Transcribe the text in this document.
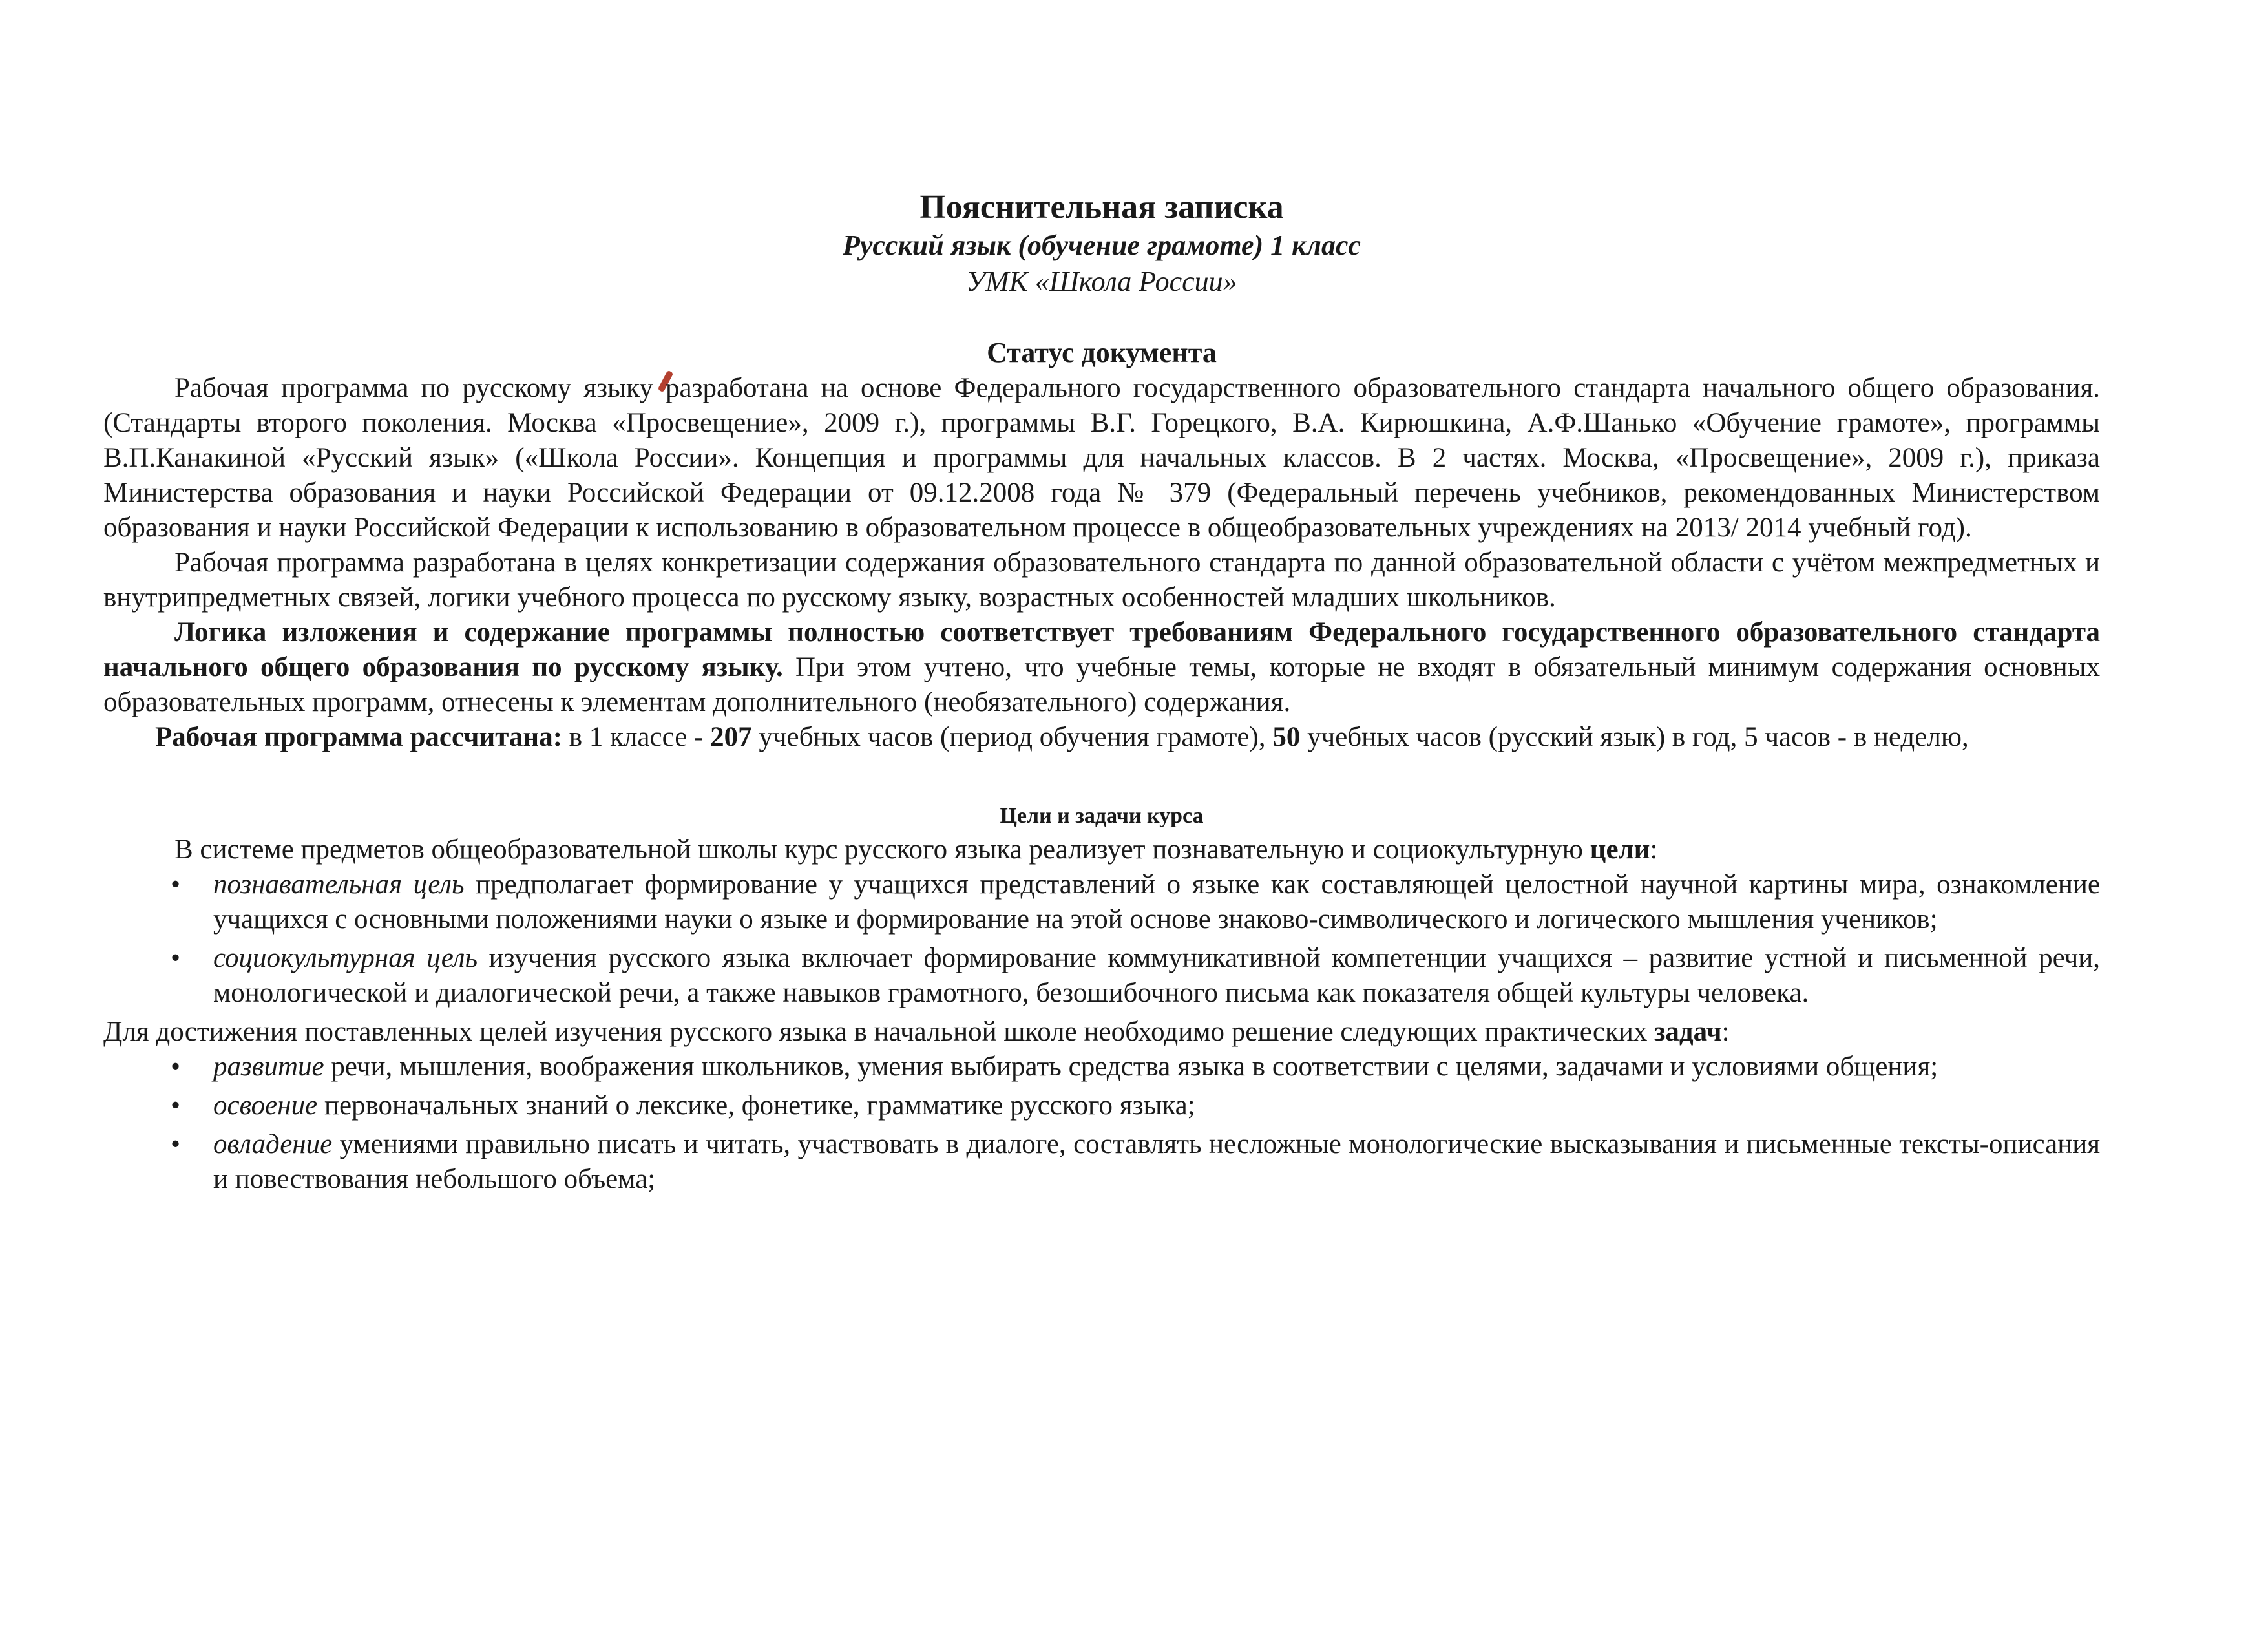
Пояснительная записка
Русский язык (обучение грамоте) 1 класс
УМК «Школа России»
Статус документа

Рабочая программа по русскому языку разработана на основе Федерального государственного образовательного стандарта начального общего образования. (Стандарты второго поколения. Москва «Просвещение», 2009 г.), программы В.Г. Горецкого, В.А. Кирюшкина, А.Ф.Шанько «Обучение грамоте», программы В.П.Канакиной «Русский язык» («Школа России». Концепция и программы для начальных классов. В 2 частях. Москва, «Просвещение», 2009 г.), приказа Министерства образования и науки Российской Федерации от 09.12.2008 года № 379 (Федеральный перечень учебников, рекомендованных Министерством образования и науки Российской Федерации к использованию в образовательном процессе в общеобразовательных учреждениях на 2013/ 2014 учебный год).

Рабочая программа разработана в целях конкретизации содержания образовательного стандарта по данной образовательной области с учётом межпредметных и внутрипредметных связей, логики учебного процесса по русскому языку, возрастных особенностей младших школьников.

Логика изложения и содержание программы полностью соответствует требованиям Федерального государственного образовательного стандарта начального общего образования по русскому языку. При этом учтено, что учебные темы, которые не входят в обязательный минимум содержания основных образовательных программ, отнесены к элементам дополнительного (необязательного) содержания.

Рабочая программа рассчитана: в 1 классе - 207 учебных часов (период обучения грамоте), 50 учебных часов (русский язык) в год, 5 часов - в неделю,

Цели и задачи курса

В системе предметов общеобразовательной школы курс русского языка реализует познавательную и социокультурную цели:

• познавательная цель предполагает формирование у учащихся представлений о языке как составляющей целостной научной картины мира, ознакомление учащихся с основными положениями науки о языке и формирование на этой основе знаково-символического и логического мышления учеников;
• социокультурная цель изучения русского языка включает формирование коммуникативной компетенции учащихся – развитие устной и письменной речи, монологической и диалогической речи, а также навыков грамотного, безошибочного письма как показателя общей культуры человека.

Для достижения поставленных целей изучения русского языка в начальной школе необходимо решение следующих практических задач:

• развитие речи, мышления, воображения школьников, умения выбирать средства языка в соответствии с целями, задачами и условиями общения;
• освоение первоначальных знаний о лексике, фонетике, грамматике русского языка;
• овладение умениями правильно писать и читать, участвовать в диалоге, составлять несложные монологические высказывания и письменные тексты-описания и повествования небольшого объема;
